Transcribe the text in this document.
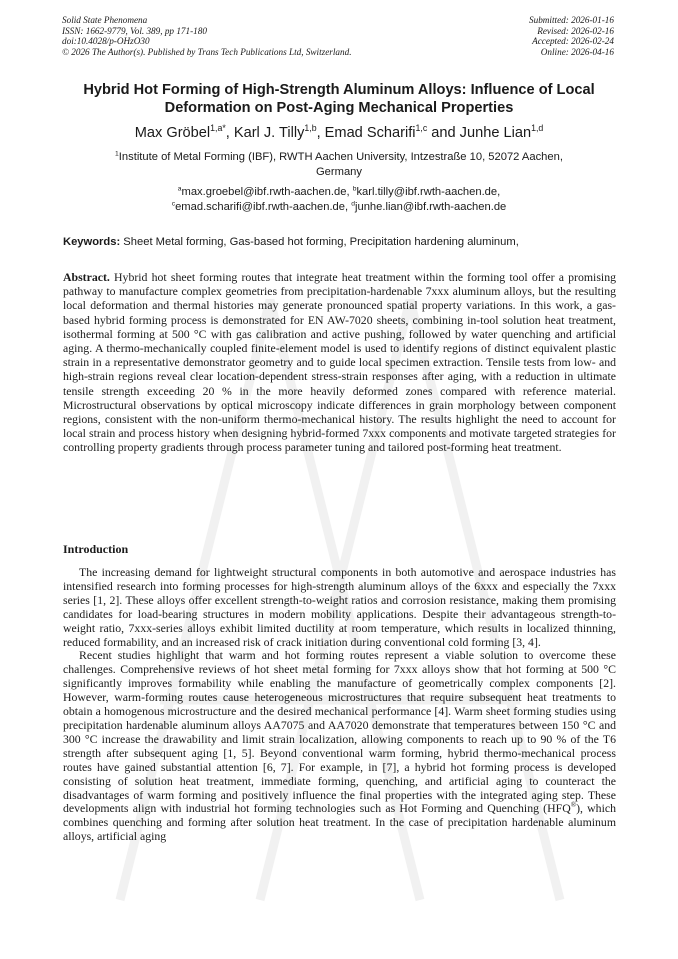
Solid State Phenomena
ISSN: 1662-9779, Vol. 389, pp 171-180
doi:10.4028/p-OHzO30
© 2026 The Author(s). Published by Trans Tech Publications Ltd, Switzerland.
Submitted: 2026-01-16
Revised: 2026-02-16
Accepted: 2026-02-24
Online: 2026-04-16
Hybrid Hot Forming of High-Strength Aluminum Alloys: Influence of Local Deformation on Post-Aging Mechanical Properties
Max Gröbel$^{1,a*}$, Karl J. Tilly$^{1,b}$, Emad Scharifi$^{1,c}$ and Junhe Lian$^{1,d}$
$^1$Institute of Metal Forming (IBF), RWTH Aachen University, Intzestraße 10, 52072 Aachen, Germany
$^a$max.groebel@ibf.rwth-aachen.de, $^b$karl.tilly@ibf.rwth-aachen.de,
$^c$emad.scharifi@ibf.rwth-aachen.de, $^d$junhe.lian@ibf.rwth-aachen.de
Keywords: Sheet Metal forming, Gas-based hot forming, Precipitation hardening aluminum,
Abstract. Hybrid hot sheet forming routes that integrate heat treatment within the forming tool offer a promising pathway to manufacture complex geometries from precipitation-hardenable 7xxx aluminum alloys, but the resulting local deformation and thermal histories may generate pronounced spatial property variations. In this work, a gas-based hybrid forming process is demonstrated for EN AW-7020 sheets, combining in-tool solution heat treatment, isothermal forming at 500 °C with gas calibration and active pushing, followed by water quenching and artificial aging. A thermo-mechanically coupled finite-element model is used to identify regions of distinct equivalent plastic strain in a representative demonstrator geometry and to guide local specimen extraction. Tensile tests from low- and high-strain regions reveal clear location-dependent stress-strain responses after aging, with a reduction in ultimate tensile strength exceeding 20 % in the more heavily deformed zones compared with reference material. Microstructural observations by optical microscopy indicate differences in grain morphology between component regions, consistent with the non-uniform thermo-mechanical history. The results highlight the need to account for local strain and process history when designing hybrid-formed 7xxx components and motivate targeted strategies for controlling property gradients through process parameter tuning and tailored post-forming heat treatment.
Introduction

The increasing demand for lightweight structural components in both automotive and aerospace industries has intensified research into forming processes for high-strength aluminum alloys of the 6xxx and especially the 7xxx series [1, 2]. These alloys offer excellent strength-to-weight ratios and corrosion resistance, making them promising candidates for load-bearing structures in modern mobility applications. Despite their advantageous strength-to-weight ratio, 7xxx-series alloys exhibit limited ductility at room temperature, which results in localized thinning, reduced formability, and an increased risk of crack initiation during conventional cold forming [3, 4].

Recent studies highlight that warm and hot forming routes represent a viable solution to overcome these challenges. Comprehensive reviews of hot sheet metal forming for 7xxx alloys show that hot forming at 500 °C significantly improves formability while enabling the manufacture of geometrically complex components [2]. However, warm-forming routes cause heterogeneous microstructures that require subsequent heat treatments to obtain a homogenous microstructure and the desired mechanical performance [4]. Warm sheet forming studies using precipitation hardenable aluminum alloys AA7075 and AA7020 demonstrate that temperatures between 150 °C and 300 °C increase the drawability and limit strain localization, allowing components to reach up to 90 % of the T6 strength after subsequent aging [1, 5]. Beyond conventional warm forming, hybrid thermo-mechanical process routes have gained substantial attention [6, 7]. For example, in [7], a hybrid hot forming process is developed consisting of solution heat treatment, immediate forming, quenching, and artificial aging to counteract the disadvantages of warm forming and positively influence the final properties with the integrated aging step. These developments align with industrial hot forming technologies such as Hot Forming and Quenching (HFQ®), which combines quenching and forming after solution heat treatment. In the case of precipitation hardenable aluminum alloys, artificial aging
